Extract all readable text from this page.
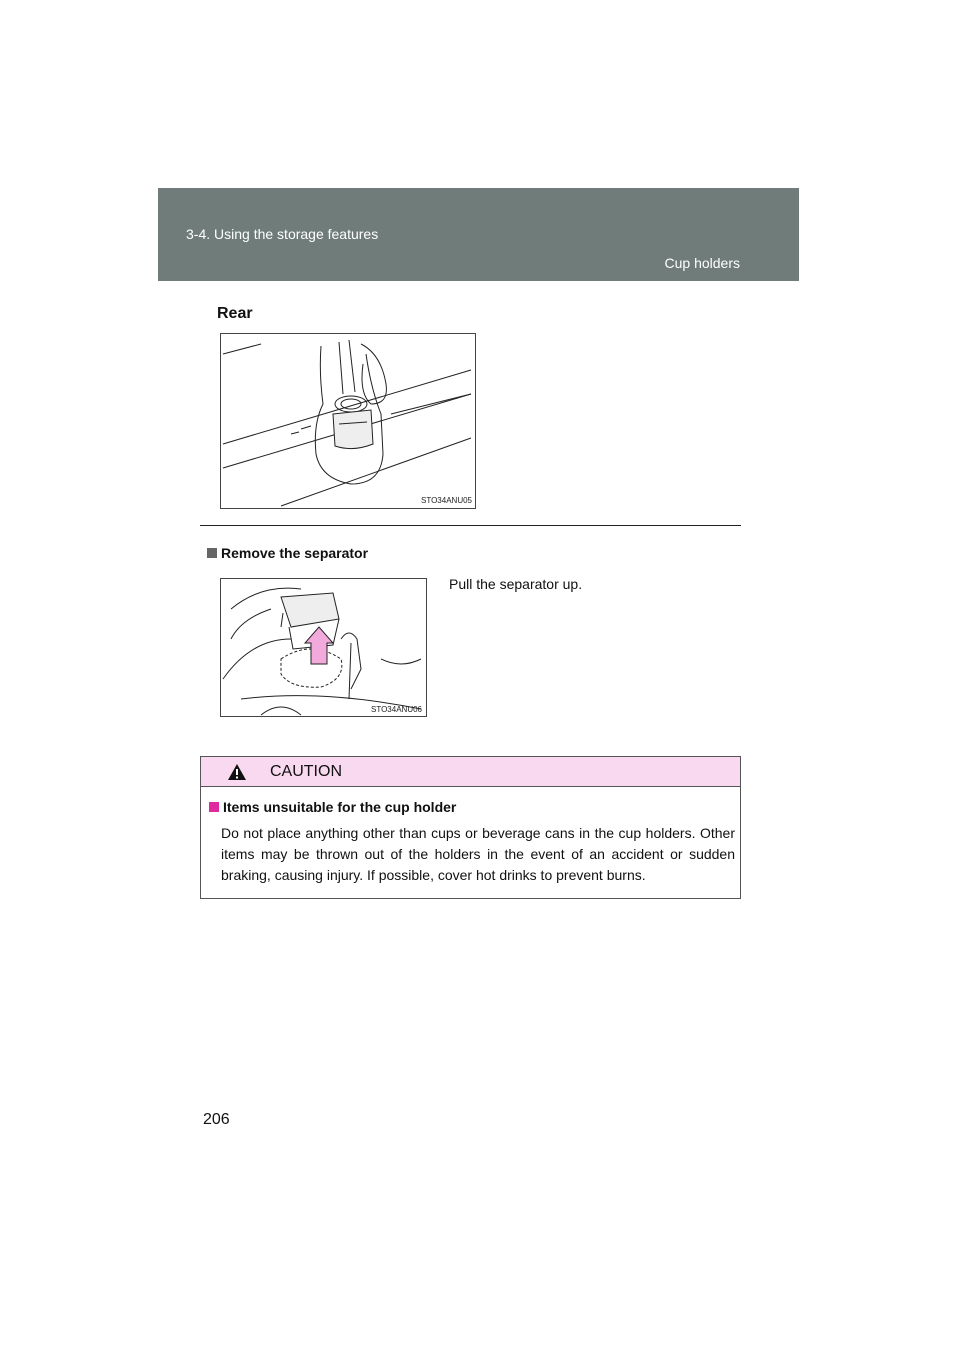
3-4. Using the storage features
Cup holders
Rear
STO34ANU05
Remove the separator
Pull the separator up.
STO34ANU06
CAUTION
Items unsuitable for the cup holder
Do not place anything other than cups or beverage cans in the cup holders. Other items may be thrown out of the holders in the event of an accident or sudden braking, causing injury. If possible, cover hot drinks to prevent burns.
206
